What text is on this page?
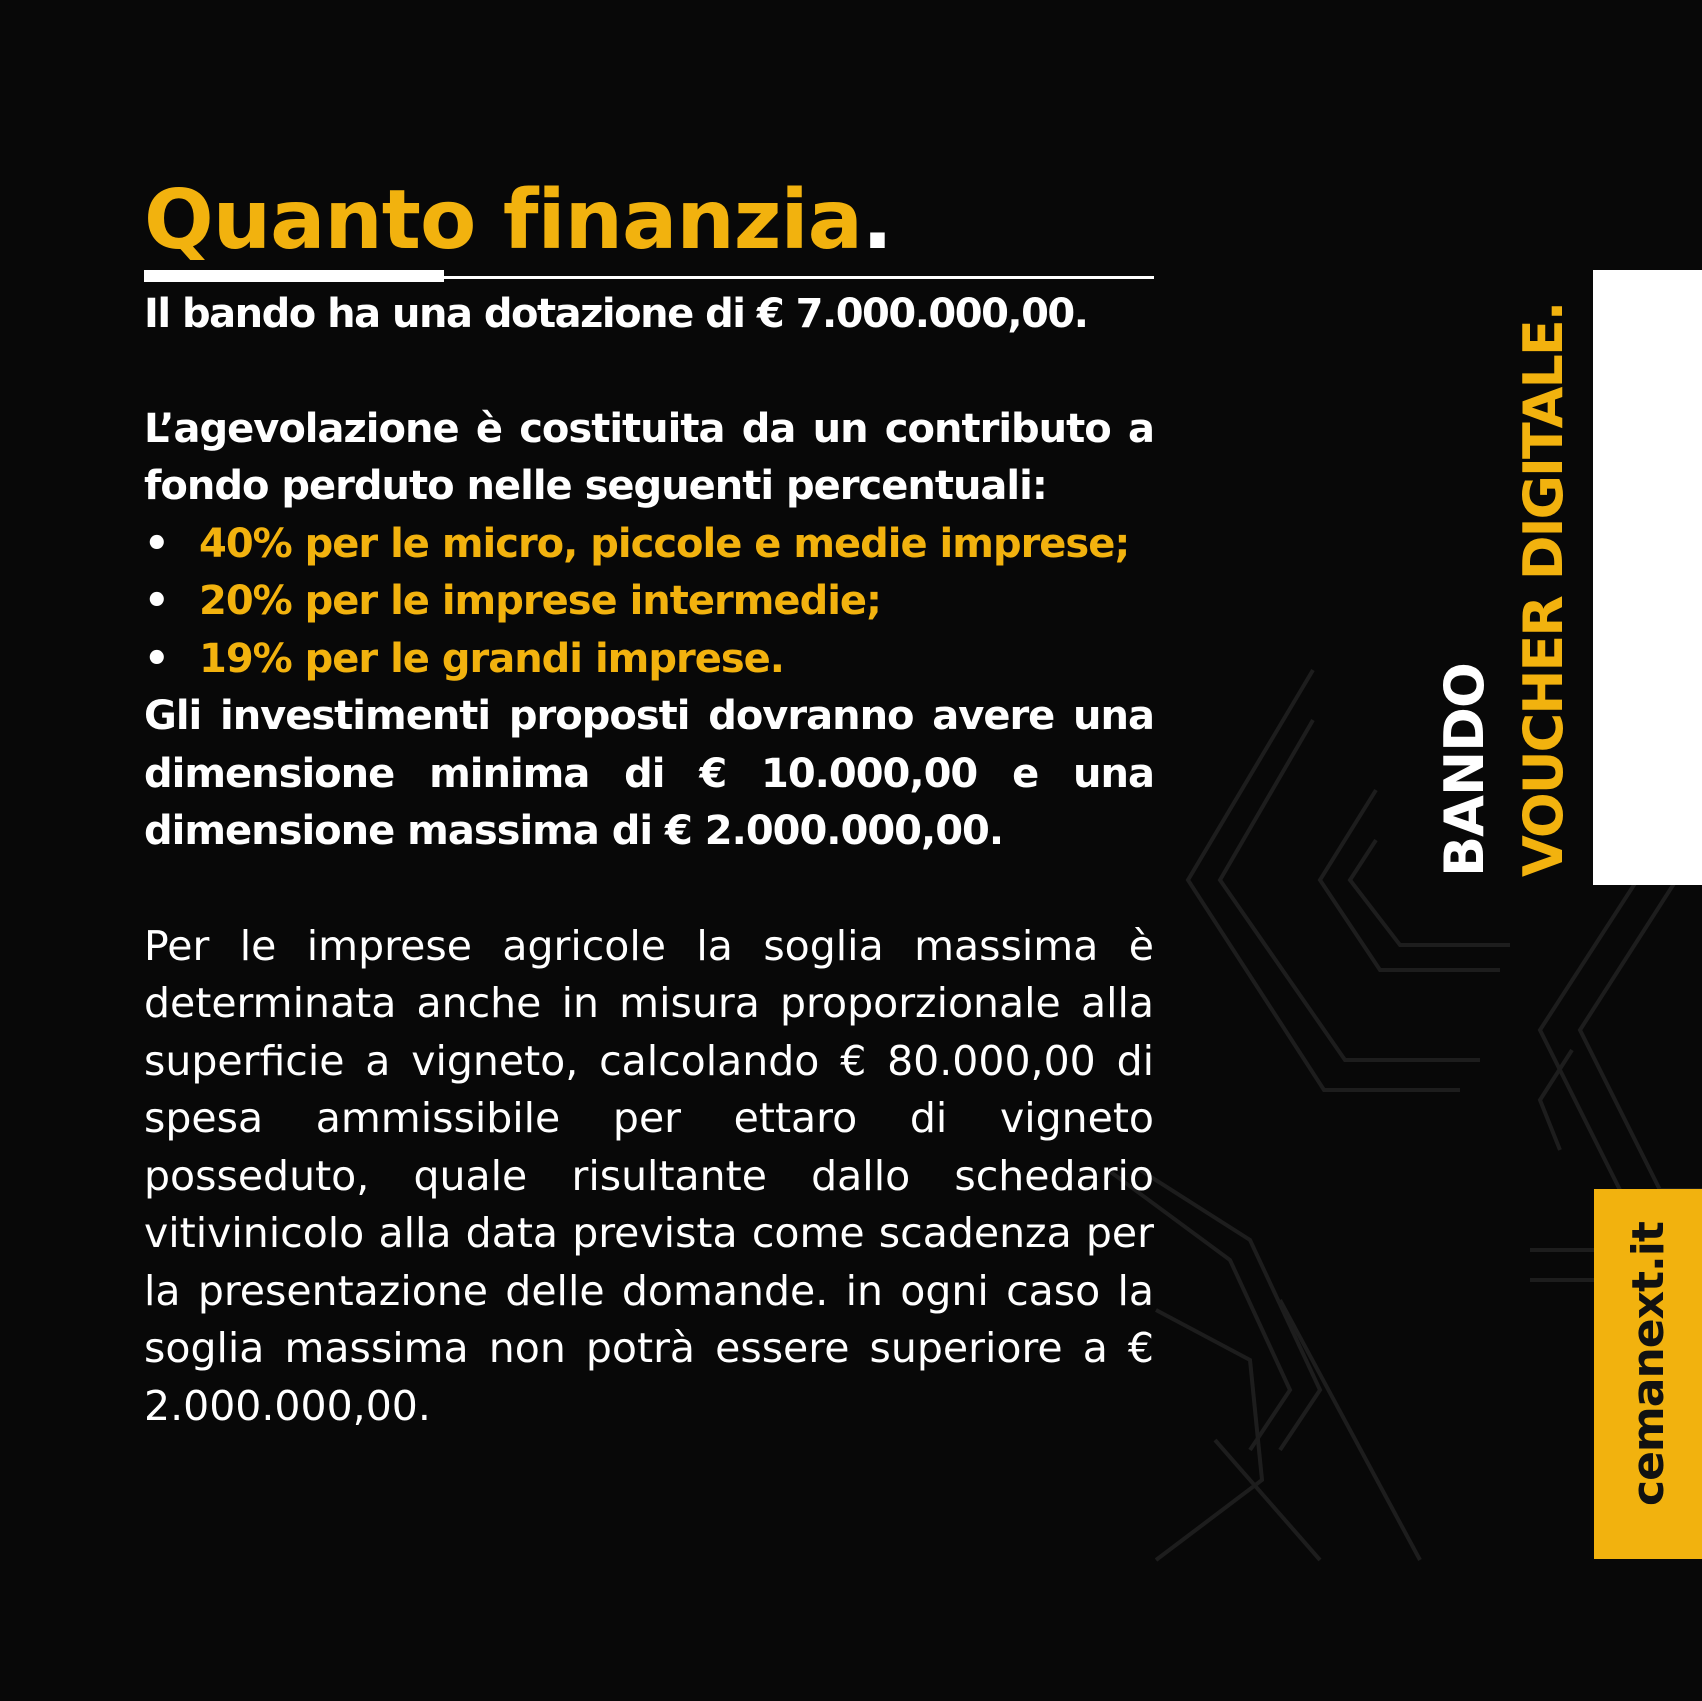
Quanto finanzia.

Il bando ha una dotazione di € 7.000.000,00.

L’agevolazione è costituita da un contributo a fondo perduto nelle seguenti percentuali:

• 40% per le micro, piccole e medie imprese;
• 20% per le imprese intermedie;
• 19% per le grandi imprese.

Gli investimenti proposti dovranno avere una dimensione minima di € 10.000,00 e una dimensione massima di € 2.000.000,00.

Per le imprese agricole la soglia massima è determinata anche in misura proporzionale alla superficie a vigneto, calcolando € 80.000,00 di spesa ammissibile per ettaro di vigneto posseduto, quale risultante dallo schedario vitivinicolo alla data prevista come scadenza per la presentazione delle domande. in ogni caso la soglia massima non potrà essere superiore a € 2.000.000,00.

BANDO VOUCHER DIGITALE.
cemanext.it
